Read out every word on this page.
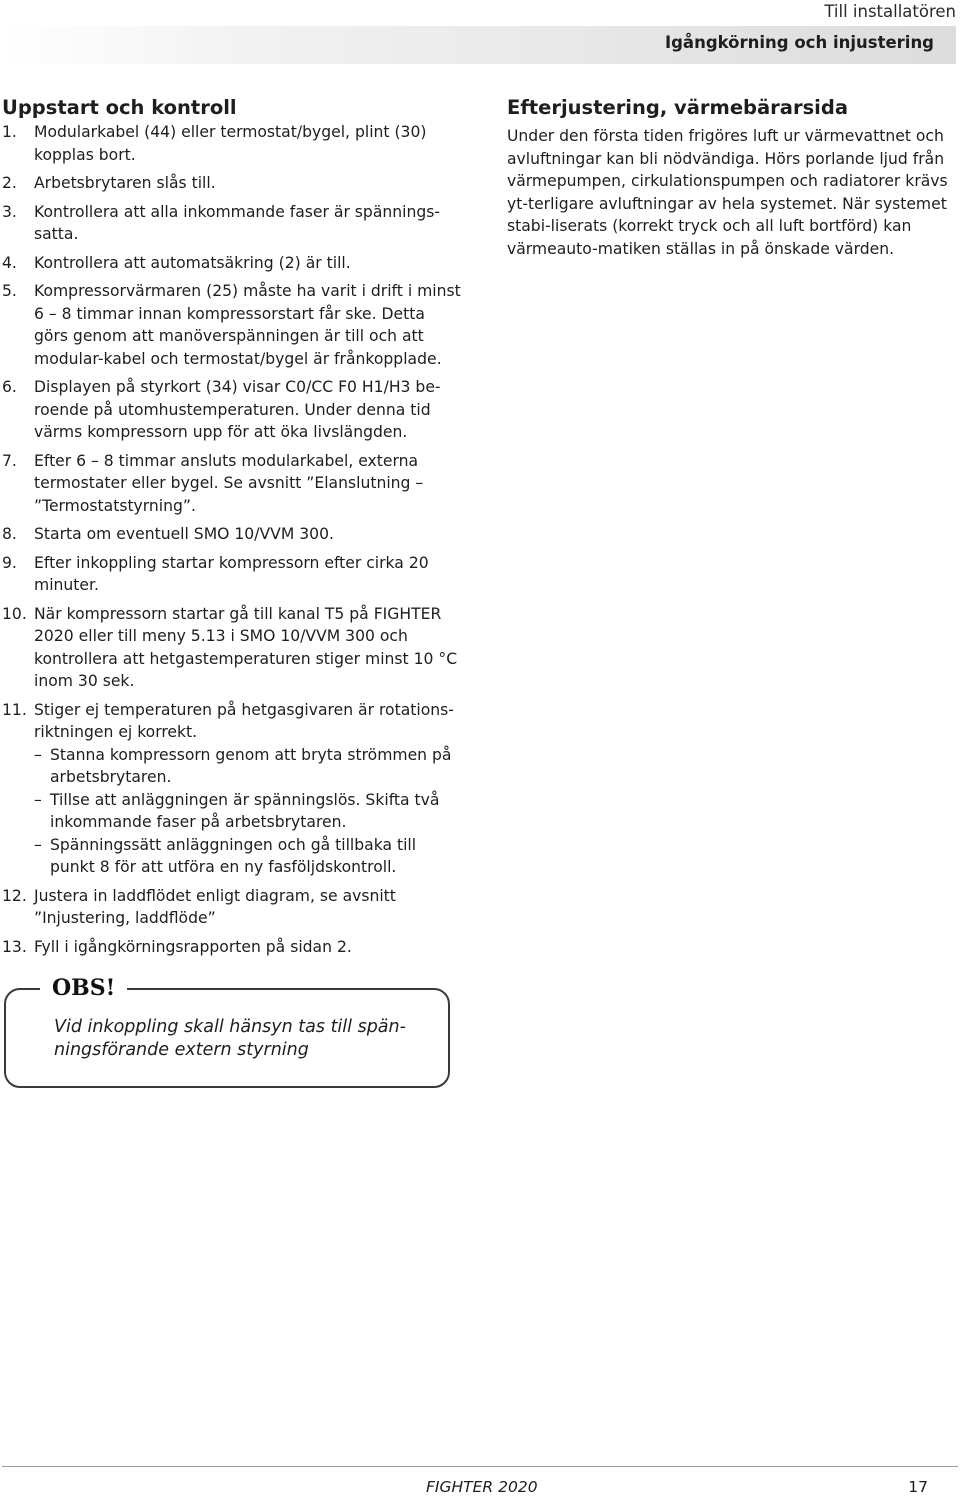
Till installatören
Igångkörning och injustering
Uppstart och kontroll
1. Modularkabel (44) eller termostat/bygel, plint (30) kopplas bort.
2. Arbetsbrytaren slås till.
3. Kontrollera att alla inkommande faser är spännings-satta.
4. Kontrollera att automatsäkring (2) är till.
5. Kompressorvärmaren (25) måste ha varit i drift i minst 6 – 8 timmar innan kompressorstart får ske. Detta görs genom att manöverspänningen är till och att modular-kabel och termostat/bygel är frånkopplade.
6. Displayen på styrkort (34) visar C0/CC F0 H1/H3 be-roende på utomhustemperaturen. Under denna tid värms kompressorn upp för att öka livslängden.
7. Efter 6 – 8 timmar ansluts modularkabel, externa termostater eller bygel. Se avsnitt ”Elanslutning – ”Termostatstyrning”.
8. Starta om eventuell SMO 10/VVM 300.
9. Efter inkoppling startar kompressorn efter cirka 20 minuter.
10. När kompressorn startar gå till kanal T5 på FIGHTER 2020 eller till meny 5.13 i SMO 10/VVM 300 och kontrollera att hetgastemperaturen stiger minst 10 °C inom 30 sek.
11. Stiger ej temperaturen på hetgasgivaren är rotations-riktningen ej korrekt.
– Stanna kompressorn genom att bryta strömmen på arbetsbrytaren.
– Tillse att anläggningen är spänningslös. Skifta två inkommande faser på arbetsbrytaren.
– Spänningssätt anläggningen och gå tillbaka till punkt 8 för att utföra en ny fasföljdskontroll.
12. Justera in laddflödet enligt diagram, se avsnitt ”Injustering, laddflöde”
13. Fyll i igångkörningsrapporten på sidan 2.
Efterjustering, värmebärarsida

Under den första tiden frigöres luft ur värmevattnet och avluftningar kan bli nödvändiga. Hörs porlande ljud från värmepumpen, cirkulationspumpen och radiatorer krävs yt-terligare avluftningar av hela systemet. När systemet stabi-liserats (korrekt tryck och all luft bortförd) kan värmeauto-matiken ställas in på önskade värden.

OBS!
Vid inkoppling skall hänsyn tas till spän-ningsförande extern styrning
FIGHTER 2020	17
